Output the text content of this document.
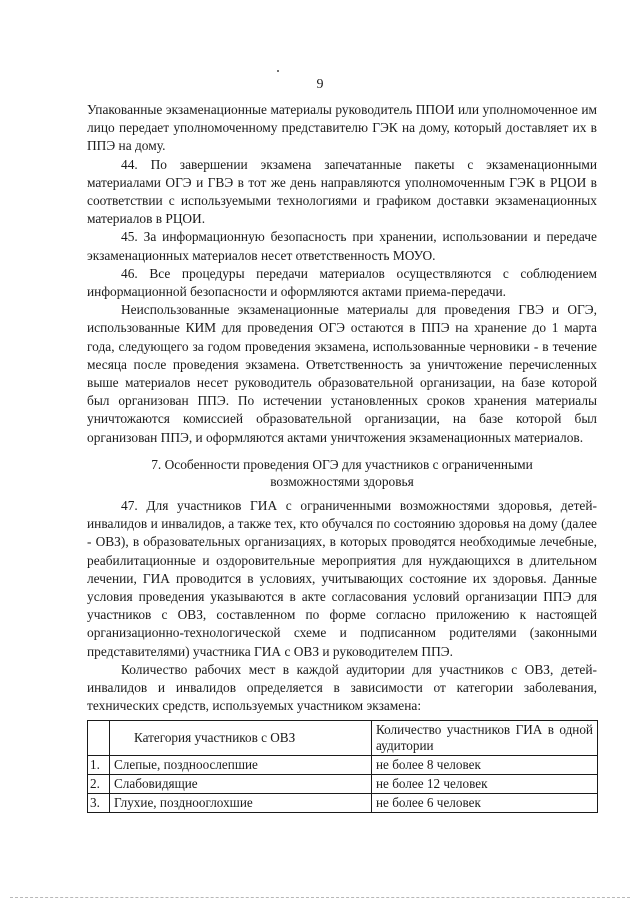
9

Упакованные экзаменационные материалы руководитель ППОИ или уполномоченное им лицо передает уполномоченному представителю ГЭК на дому, который доставляет их в ППЭ на дому.

44. По завершении экзамена запечатанные пакеты с экзаменационными материалами ОГЭ и ГВЭ в тот же день направляются уполномоченным ГЭК в РЦОИ в соответствии с используемыми технологиями и графиком доставки экзаменационных материалов в РЦОИ.

45. За информационную безопасность при хранении, использовании и передаче экзаменационных материалов несет ответственность МОУО.

46. Все процедуры передачи материалов осуществляются с соблюдением информационной безопасности и оформляются актами приема-передачи.

Неиспользованные экзаменационные материалы для проведения ГВЭ и ОГЭ, использованные КИМ для проведения ОГЭ остаются в ППЭ на хранение до 1 марта года, следующего за годом проведения экзамена, использованные черновики - в течение месяца после проведения экзамена. Ответственность за уничтожение перечисленных выше материалов несет руководитель образовательной организации, на базе которой был организован ППЭ. По истечении установленных сроков хранения материалы уничтожаются комиссией образовательной организации, на базе которой был организован ППЭ, и оформляются актами уничтожения экзаменационных материалов.

7. Особенности проведения ОГЭ для участников с ограниченными
возможностями здоровья

47. Для участников ГИА с ограниченными возможностями здоровья, детей-инвалидов и инвалидов, а также тех, кто обучался по состоянию здоровья на дому (далее - ОВЗ), в образовательных организациях, в которых проводятся необходимые лечебные, реабилитационные и оздоровительные мероприятия для нуждающихся в длительном лечении, ГИА проводится в условиях, учитывающих состояние их здоровья. Данные условия проведения указываются в акте согласования условий организации ППЭ для участников с ОВЗ, составленном по форме согласно приложению к настоящей организационно-технологической схеме и подписанном родителями (законными представителями) участника ГИА с ОВЗ и руководителем ППЭ.

Количество рабочих мест в каждой аудитории для участников с ОВЗ, детей-инвалидов и инвалидов определяется в зависимости от категории заболевания, технических средств, используемых участником экзамена:

	Категория участников с ОВЗ	Количество участников ГИА в одной аудитории
1.	Слепые, поздноослепшие	не более 8 человек
2.	Слабовидящие	не более 12 человек
3.	Глухие, позднооглохшие	не более 6 человек
